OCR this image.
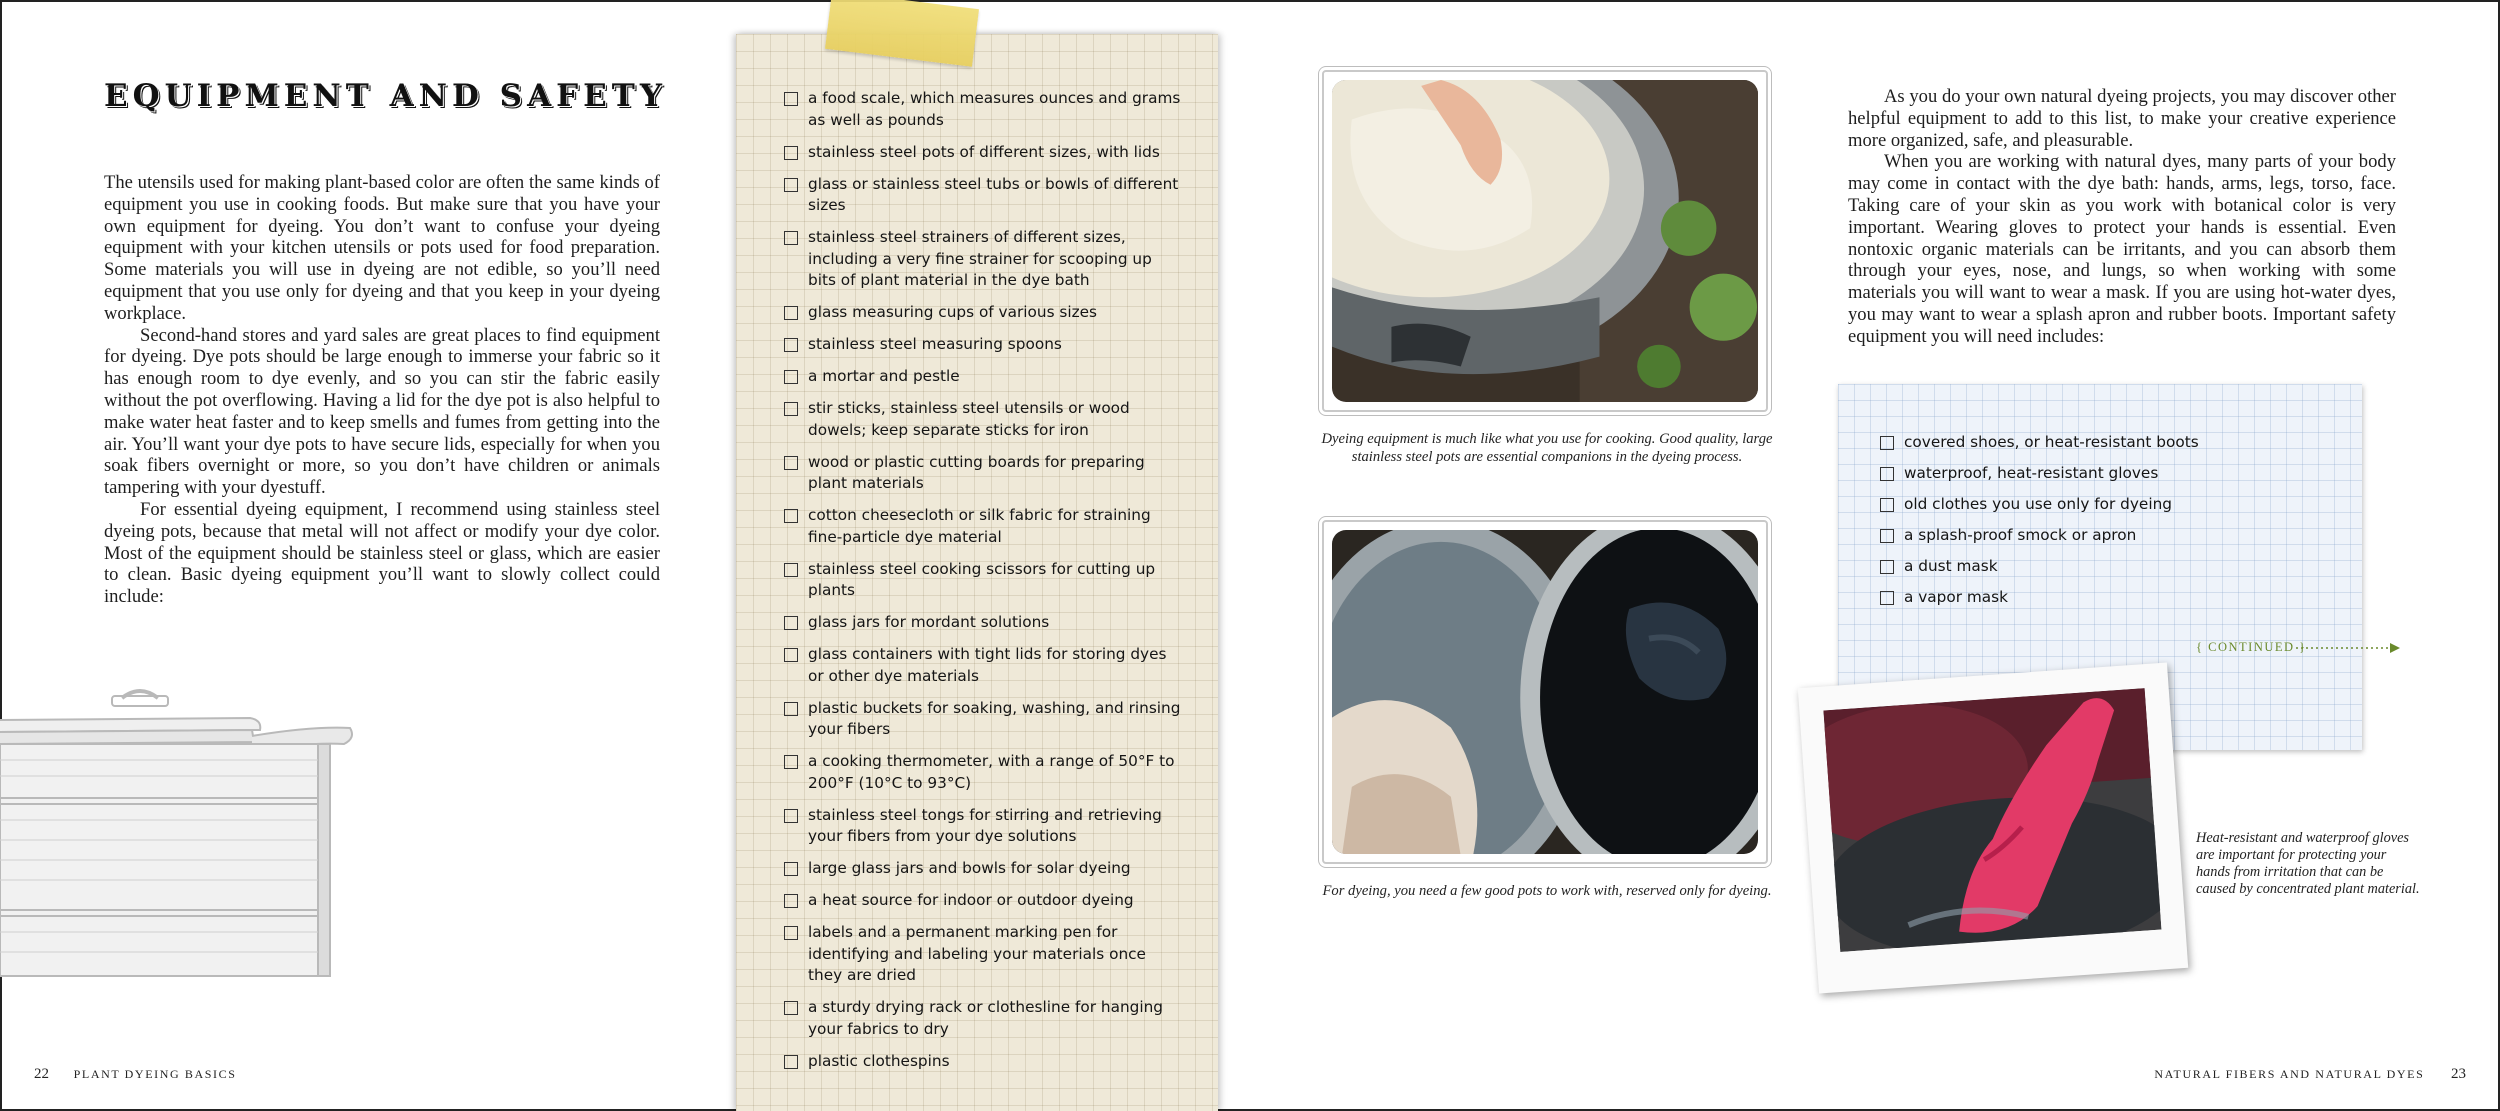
EQUIPMENT AND SAFETY

The utensils used for making plant-based color are often the same kinds of equipment you use in cooking foods. But make sure that you have your own equipment for dyeing. You don’t want to confuse your dyeing equipment with your kitchen utensils or pots used for food preparation. Some materials you will use in dyeing are not edible, so you’ll need equipment that you use only for dyeing and that you keep in your dyeing workplace.

Second-hand stores and yard sales are great places to find equipment for dyeing. Dye pots should be large enough to immerse your fabric so it has enough room to dye evenly, and so you can stir the fabric easily without the pot overflowing. Having a lid for the dye pot is also helpful to make water heat faster and to keep smells and fumes from getting into the air. You’ll want your dye pots to have secure lids, especially for when you soak fibers overnight or more, so you don’t have children or animals tampering with your dyestuff.

For essential dyeing equipment, I recommend using stainless steel dyeing pots, because that metal will not affect or modify your dye color. Most of the equipment should be stainless steel or glass, which are easier to clean. Basic dyeing equipment you’ll want to slowly collect could include:

22 PLANT DYEING BASICS
a food scale, which measures ounces and grams as well as pounds
stainless steel pots of different sizes, with lids
glass or stainless steel tubs or bowls of different sizes
stainless steel strainers of different sizes, including a very fine strainer for scooping up bits of plant material in the dye bath
glass measuring cups of various sizes
stainless steel measuring spoons
a mortar and pestle
stir sticks, stainless steel utensils or wood dowels; keep separate sticks for iron
wood or plastic cutting boards for preparing plant materials
cotton cheesecloth or silk fabric for straining fine-particle dye material
stainless steel cooking scissors for cutting up plants
glass jars for mordant solutions
glass containers with tight lids for storing dyes or other dye materials
plastic buckets for soaking, washing, and rinsing your fibers
a cooking thermometer, with a range of 50°F to 200°F (10°C to 93°C)
stainless steel tongs for stirring and retrieving your fibers from your dye solutions
large glass jars and bowls for solar dyeing
a heat source for indoor or outdoor dyeing
labels and a permanent marking pen for identifying and labeling your materials once they are dried
a sturdy drying rack or clothesline for hanging your fabrics to dry
plastic clothespins
Dyeing equipment is much like what you use for cooking. Good quality, large stainless steel pots are essential companions in the dyeing process.
For dyeing, you need a few good pots to work with, reserved only for dyeing.

As you do your own natural dyeing projects, you may discover other helpful equipment to add to this list, to make your creative experience more organized, safe, and pleasurable.

When you are working with natural dyes, many parts of your body may come in contact with the dye bath: hands, arms, legs, torso, face. Taking care of your skin as you work with botanical color is very important. Wearing gloves to protect your hands is essential. Even nontoxic organic materials can be irritants, and you can absorb them through your eyes, nose, and lungs, so when working with some materials you will want to wear a mask. If you are using hot-water dyes, you may want to wear a splash apron and rubber boots. Important safety equipment you will need includes:

covered shoes, or heat-resistant boots
waterproof, heat-resistant gloves
old clothes you use only for dyeing
a splash-proof smock or apron
a dust mask
a vapor mask
{ CONTINUED }
Heat-resistant and waterproof gloves are important for protecting your hands from irritation that can be caused by concentrated plant material.
NATURAL FIBERS AND NATURAL DYES 23
